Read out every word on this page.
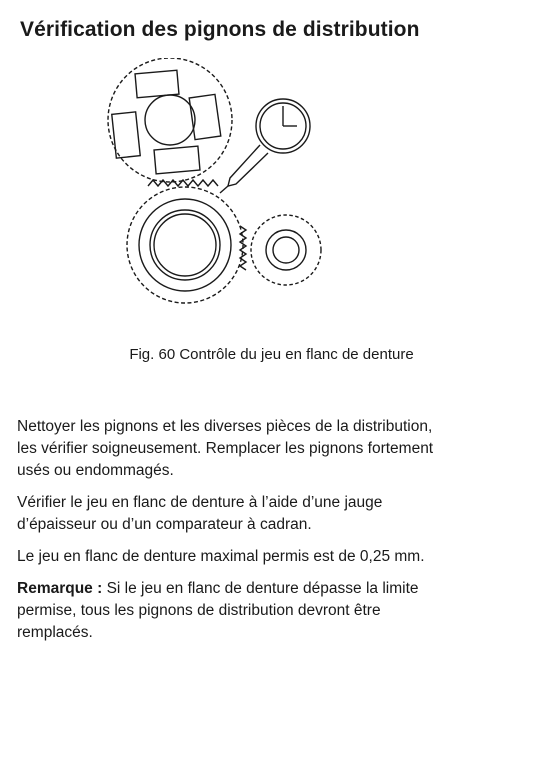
Vérification des pignons de distribution

Fig. 60 Contrôle du jeu en flanc de denture

Nettoyer les pignons et les diverses pièces de la distribution, les vérifier soigneusement. Remplacer les pignons fortement usés ou endommagés.

Vérifier le jeu en flanc de denture à l’aide d’une jauge d’épaisseur ou d’un comparateur à cadran.

Le jeu en flanc de denture maximal permis est de 0,25 mm.

Remarque : Si le jeu en flanc de denture dépasse la limite permise, tous les pignons de distribution devront être remplacés.
